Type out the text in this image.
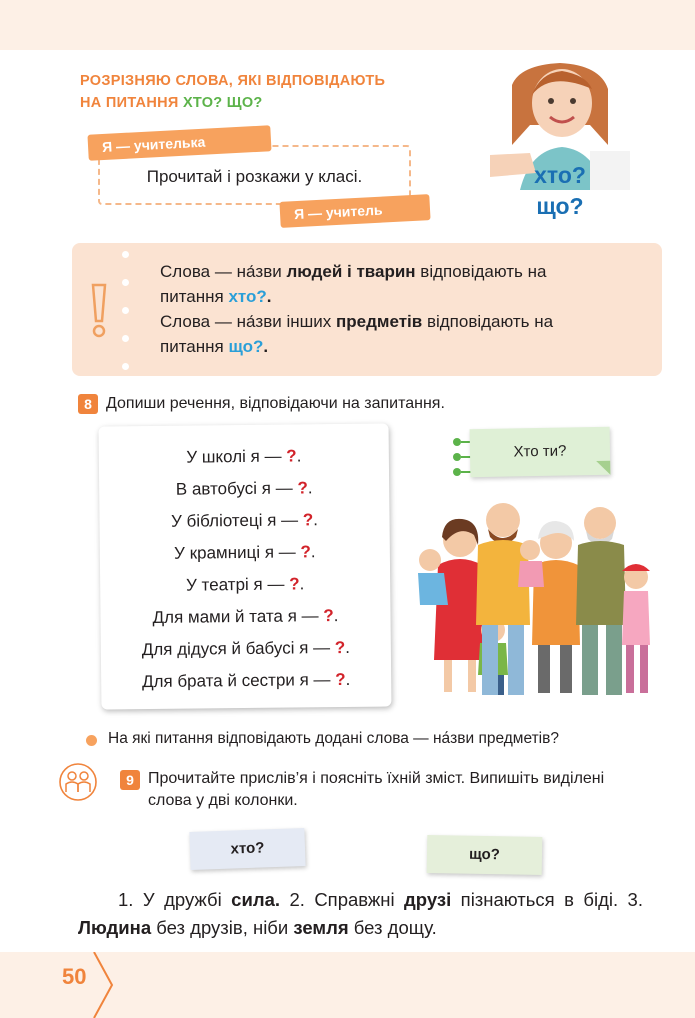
РОЗРІЗНЯЮ СЛОВА, ЯКІ ВІДПОВІДАЮТЬ
НА ПИТАННЯ ХТО? ЩО?
хто?
що?
Прочитай і розкажи у класі.
Я — учителька
Я — учитель
Слова — на́зви людей і тварин відповідають на
питання хто?.
Слова — на́зви інших предметів відповідають на
питання що?.
8 Допиши речення, відповідаючи на запитання.
У школі я — ?.
В автобусі я — ?.
У бібліотеці я — ?.
У крамниці я — ?.
У театрі я — ?.
Для мами й тата я — ?.
Для дідуся й бабусі я — ?.
Для брата й сестри я — ?.
Хто ти?
На які питання відповідають додані слова — на́зви предметів?
9 Прочитайте прислів’я і поясніть їхній зміст. Випишіть виділені слова у дві колонки.
хто?	що?
1. У дружбі сила. 2. Справжні друзі пізнаються в біді. 3. Людина без друзів, ніби земля без дощу.
50
